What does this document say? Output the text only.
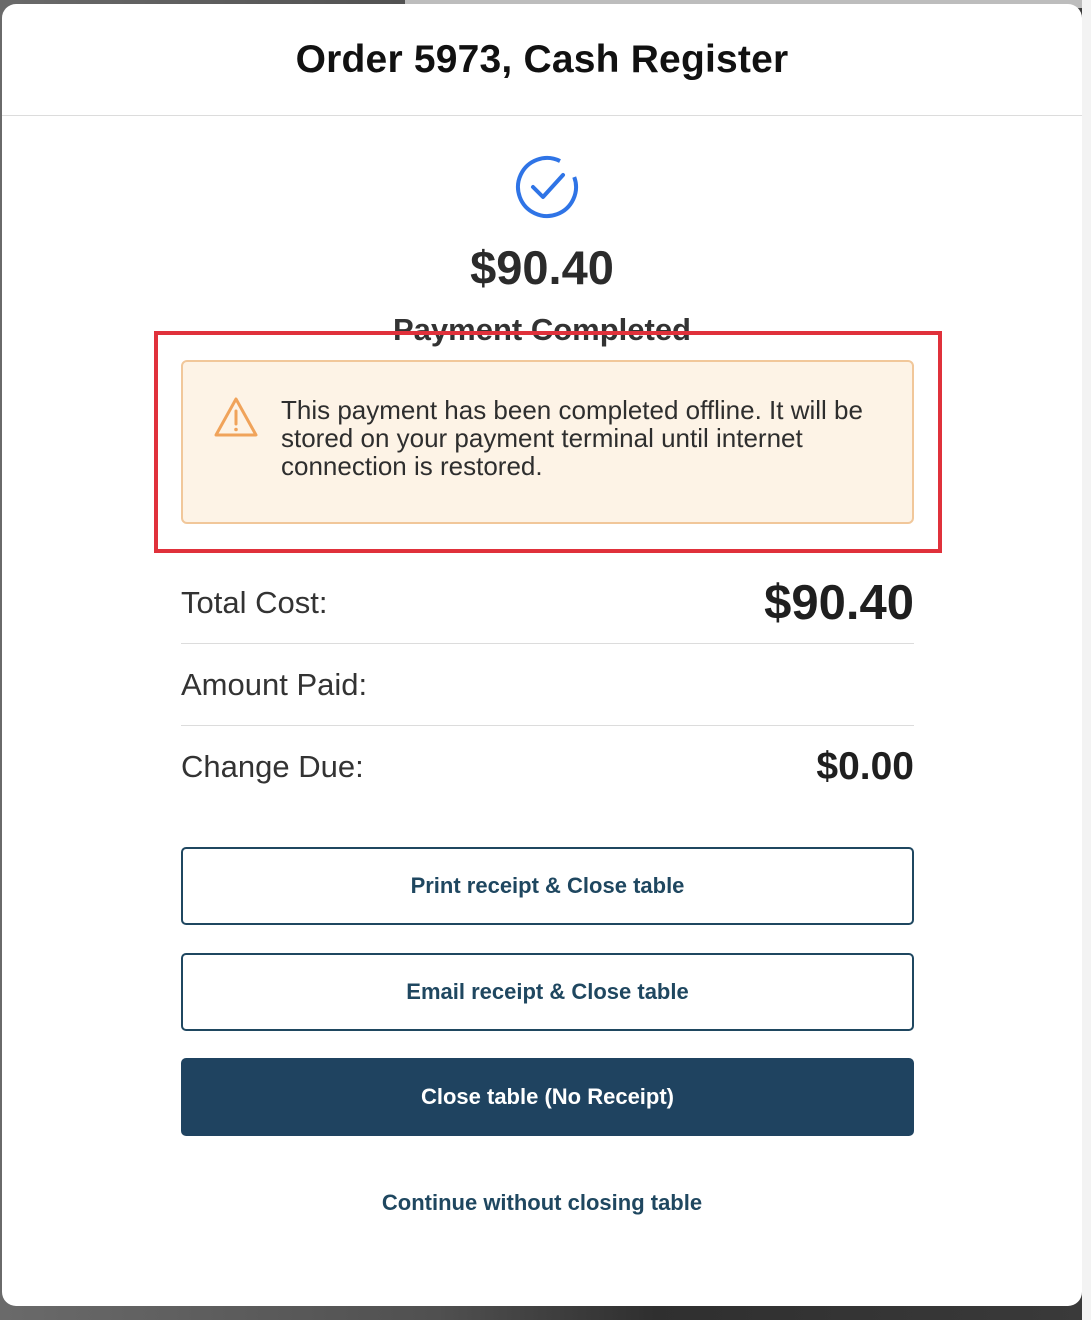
Order 5973, Cash Register
$90.40
Payment Completed
This payment has been completed offline. It will be stored on your payment terminal until internet connection is restored.
Total Cost:	$90.40
Amount Paid:
Change Due:	$0.00
Print receipt & Close table
Email receipt & Close table
Close table (No Receipt)
Continue without closing table
